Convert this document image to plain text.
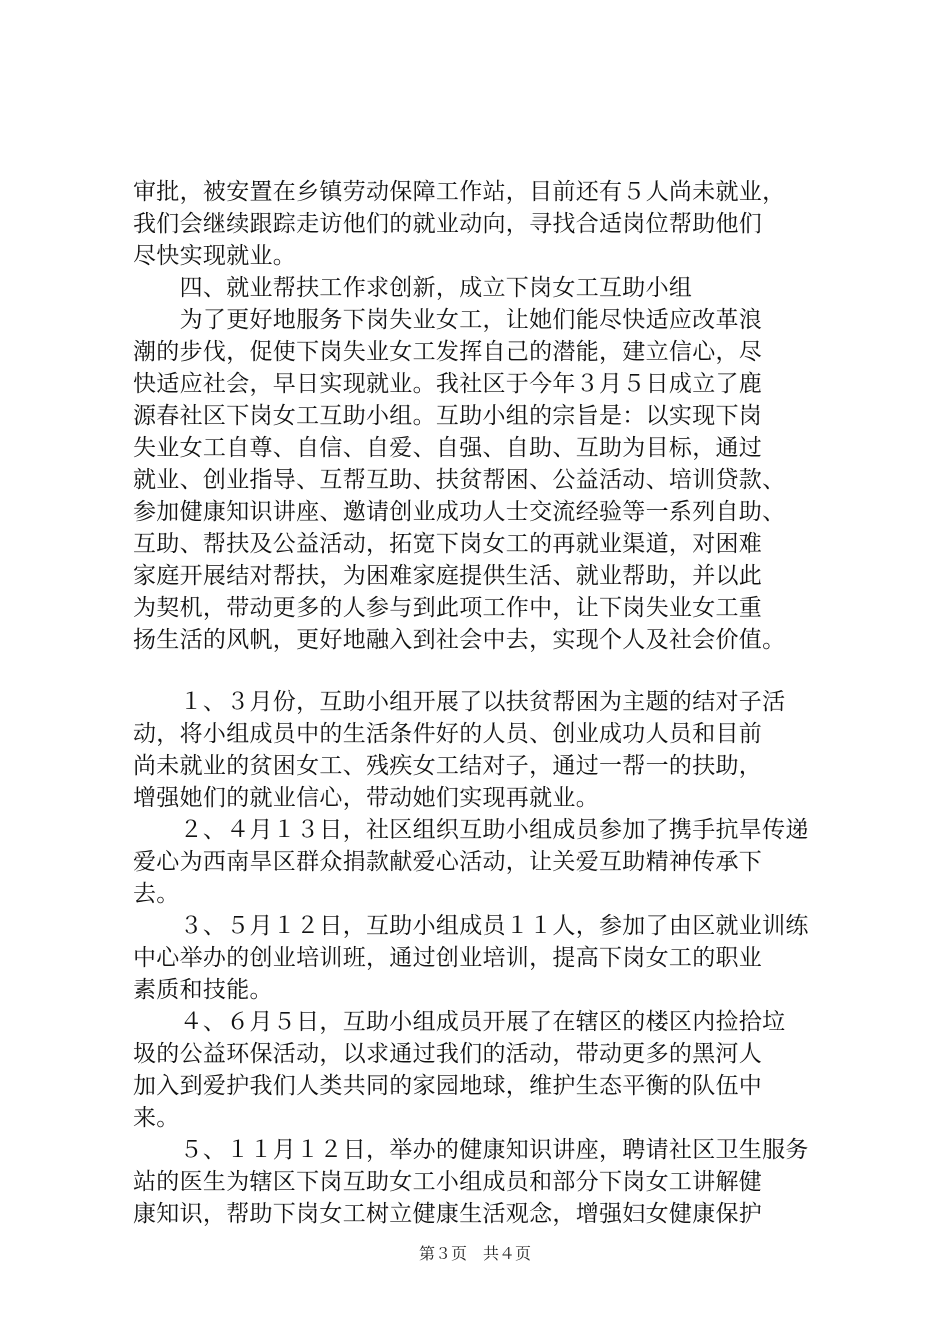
审批，被安置在乡镇劳动保障工作站，目前还有５人尚未就业，
我们会继续跟踪走访他们的就业动向，寻找合适岗位帮助他们
尽快实现就业。
　　四、就业帮扶工作求创新，成立下岗女工互助小组
　　为了更好地服务下岗失业女工，让她们能尽快适应改革浪
潮的步伐，促使下岗失业女工发挥自己的潜能，建立信心，尽
快适应社会，早日实现就业。我社区于今年３月５日成立了鹿
源春社区下岗女工互助小组。互助小组的宗旨是：以实现下岗
失业女工自尊、自信、自爱、自强、自助、互助为目标，通过
就业、创业指导、互帮互助、扶贫帮困、公益活动、培训贷款、
参加健康知识讲座、邀请创业成功人士交流经验等一系列自助、
互助、帮扶及公益活动，拓宽下岗女工的再就业渠道，对困难
家庭开展结对帮扶，为困难家庭提供生活、就业帮助，并以此
为契机，带动更多的人参与到此项工作中，让下岗失业女工重
扬生活的风帆，更好地融入到社会中去，实现个人及社会价值。
　　１、３月份，互助小组开展了以扶贫帮困为主题的结对子活
动，将小组成员中的生活条件好的人员、创业成功人员和目前
尚未就业的贫困女工、残疾女工结对子，通过一帮一的扶助，
增强她们的就业信心，带动她们实现再就业。
　　２、４月１３日，社区组织互助小组成员参加了携手抗旱传递
爱心为西南旱区群众捐款献爱心活动，让关爱互助精神传承下
去。
　　３、５月１２日，互助小组成员１１人，参加了由区就业训练
中心举办的创业培训班，通过创业培训，提高下岗女工的职业
素质和技能。
　　４、６月５日，互助小组成员开展了在辖区的楼区内捡拾垃
圾的公益环保活动，以求通过我们的活动，带动更多的黑河人
加入到爱护我们人类共同的家园地球，维护生态平衡的队伍中
来。
　　５、１１月１２日，举办的健康知识讲座，聘请社区卫生服务
站的医生为辖区下岗互助女工小组成员和部分下岗女工讲解健
康知识，帮助下岗女工树立健康生活观念，增强妇女健康保护
第３页　共４页
